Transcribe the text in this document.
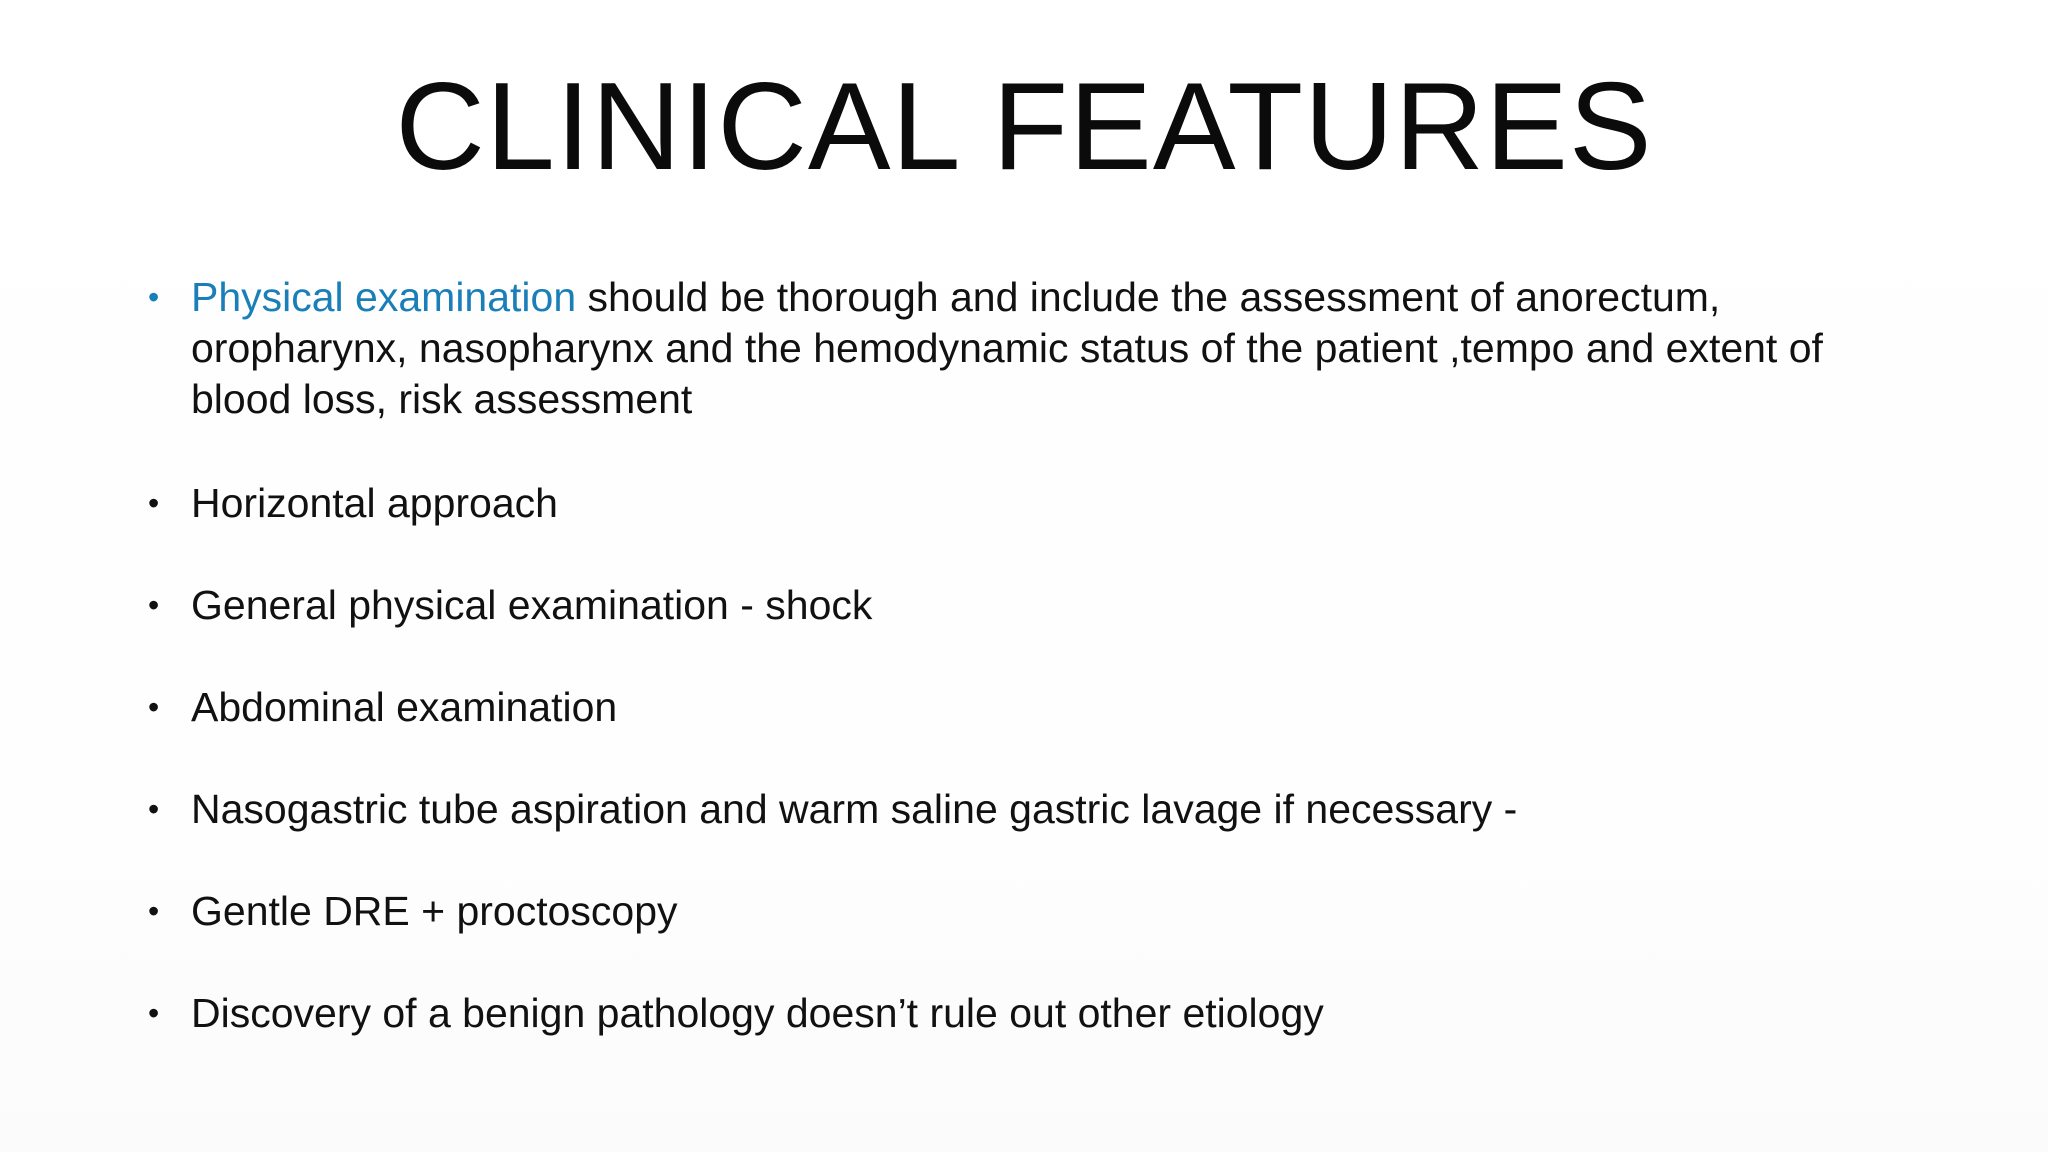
CLINICAL FEATURES
• Physical examination should be thorough and include the assessment of anorectum, oropharynx, nasopharynx and the hemodynamic status of the patient ,tempo and extent of blood loss, risk assessment
• Horizontal approach
• General physical examination - shock
• Abdominal examination
• Nasogastric tube aspiration and warm saline gastric lavage if necessary -
• Gentle DRE + proctoscopy
• Discovery of a benign pathology doesn’t rule out other etiology
